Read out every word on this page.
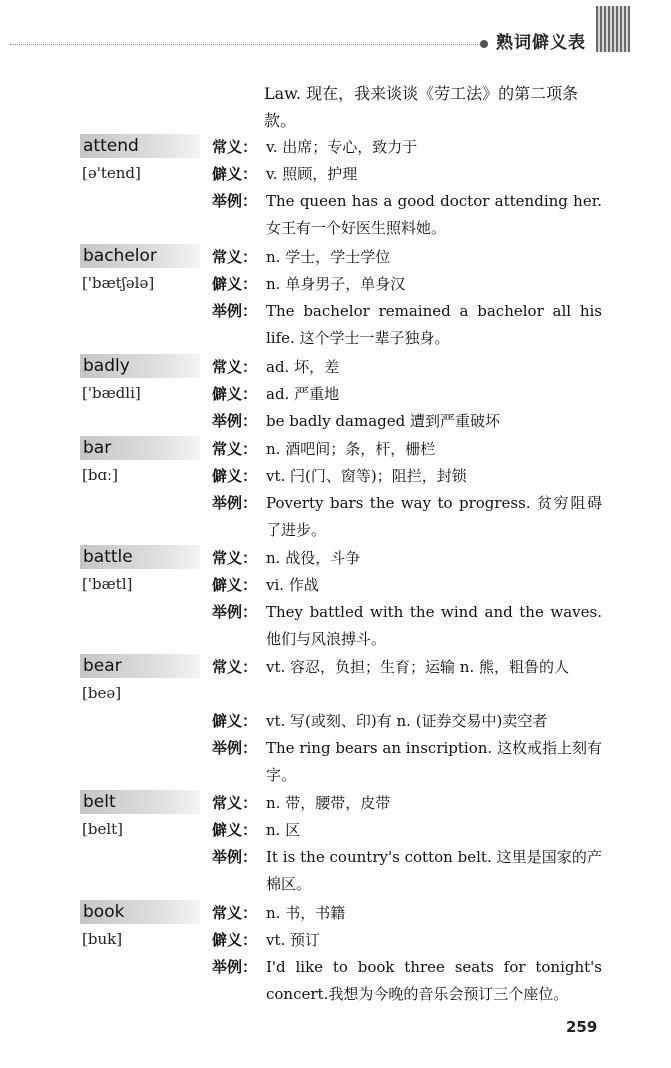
熟词僻义表
Law. 现在，我来谈谈《劳工法》的第二项条款。
attend
[ə'tend]
常义： v. 出席；专心，致力于
僻义： v. 照顾，护理
举例： The queen has a good doctor attending her. 女王有一个好医生照料她。
bachelor
['bætʃələ]
常义： n. 学士，学士学位
僻义： n. 单身男子，单身汉
举例： The bachelor remained a bachelor all his life. 这个学士一辈子独身。
badly
['bædli]
常义： ad. 坏，差
僻义： ad. 严重地
举例： be badly damaged 遭到严重破坏
bar
[bɑː]
常义： n. 酒吧间；条，杆，栅栏
僻义： vt. 闩(门、窗等)；阻拦，封锁
举例： Poverty bars the way to progress. 贫穷阻碍了进步。
battle
['bætl]
常义： n. 战役，斗争
僻义： vi. 作战
举例： They battled with the wind and the waves. 他们与风浪搏斗。
bear
[beə]
常义： vt. 容忍，负担；生育；运输 n. 熊，粗鲁的人
僻义： vt. 写(或刻、印)有 n. (证券交易中)卖空者
举例： The ring bears an inscription. 这枚戒指上刻有字。
belt
[belt]
常义： n. 带，腰带，皮带
僻义： n. 区
举例： It is the country's cotton belt. 这里是国家的产棉区。
book
[buk]
常义： n. 书，书籍
僻义： vt. 预订
举例： I'd like to book three seats for tonight's concert.我想为今晚的音乐会预订三个座位。
259
